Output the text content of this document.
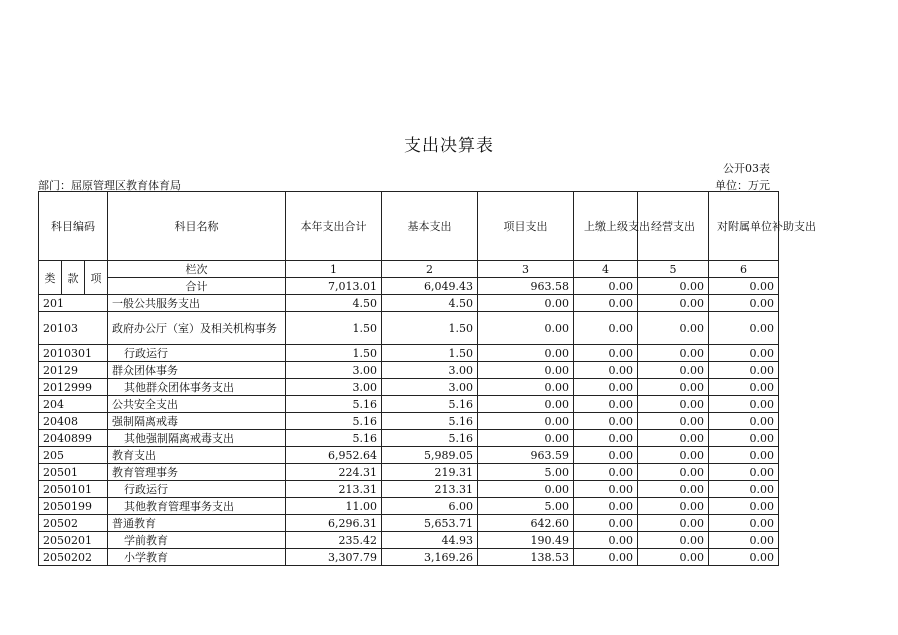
支出决算表
公开03表
部门：屈原管理区教育体育局	单位：万元
科目编码			科目名称	本年支出合计	基本支出	项目支出	上缴上级支出	经营支出	对附属单位补助支出
类	款	项	栏次	1	2	3	4	5	6
			合计	7,013.01	6,049.43	963.58	0.00	0.00	0.00
201			一般公共服务支出	4.50	4.50	0.00	0.00	0.00	0.00
20103			政府办公厅（室）及相关机构事务	1.50	1.50	0.00	0.00	0.00	0.00
2010301			行政运行	1.50	1.50	0.00	0.00	0.00	0.00
20129			群众团体事务	3.00	3.00	0.00	0.00	0.00	0.00
2012999			其他群众团体事务支出	3.00	3.00	0.00	0.00	0.00	0.00
204			公共安全支出	5.16	5.16	0.00	0.00	0.00	0.00
20408			强制隔离戒毒	5.16	5.16	0.00	0.00	0.00	0.00
2040899			其他强制隔离戒毒支出	5.16	5.16	0.00	0.00	0.00	0.00
205			教育支出	6,952.64	5,989.05	963.59	0.00	0.00	0.00
20501			教育管理事务	224.31	219.31	5.00	0.00	0.00	0.00
2050101			行政运行	213.31	213.31	0.00	0.00	0.00	0.00
2050199			其他教育管理事务支出	11.00	6.00	5.00	0.00	0.00	0.00
20502			普通教育	6,296.31	5,653.71	642.60	0.00	0.00	0.00
2050201			学前教育	235.42	44.93	190.49	0.00	0.00	0.00
2050202			小学教育	3,307.79	3,169.26	138.53	0.00	0.00	0.00
